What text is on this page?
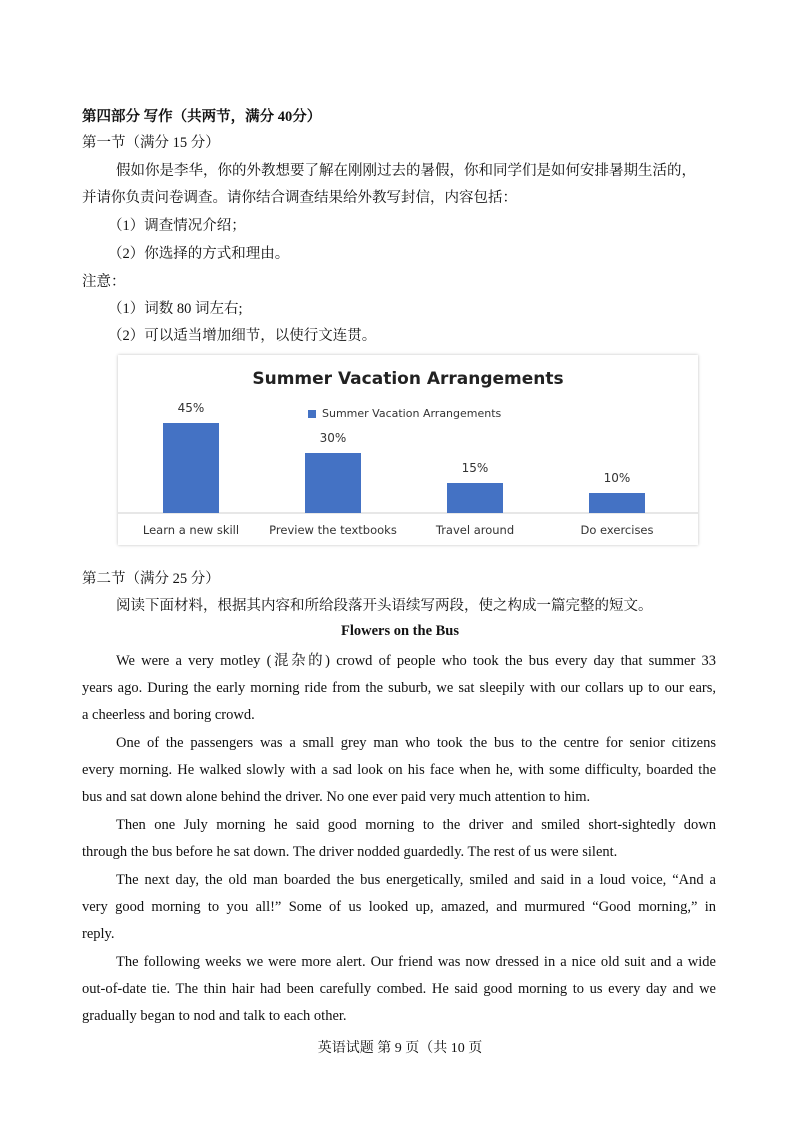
第四部分 写作（共两节，满分 40分）
第一节（满分 15 分）
假如你是李华，你的外教想要了解在刚刚过去的暑假，你和同学们是如何安排暑期生活的，
并请你负责问卷调查。请你结合调查结果给外教写封信，内容包括：
（1）调查情况介绍；
（2）你选择的方式和理由。
注意：
（1）词数 80 词左右;
（2）可以适当增加细节，以使行文连贯。
Summer Vacation Arrangements
Summer Vacation Arrangements
45%
Learn a new skill
30%
Preview the textbooks
15%
Travel around
10%
Do exercises
第二节（满分 25 分）
阅读下面材料，根据其内容和所给段落开头语续写两段，使之构成一篇完整的短文。
Flowers on the Bus
We were a very motley (混杂的) crowd of people who took the bus every day that summer 33
years ago. During the early morning ride from the suburb, we sat sleepily with our collars up to our ears,
a cheerless and boring crowd.
One of the passengers was a small grey man who took the bus to the centre for senior citizens
every morning. He walked slowly with a sad look on his face when he, with some difficulty, boarded the
bus and sat down alone behind the driver. No one ever paid very much attention to him.
Then one July morning he said good morning to the driver and smiled short-sightedly down
through the bus before he sat down. The driver nodded guardedly. The rest of us were silent.
The next day, the old man boarded the bus energetically, smiled and said in a loud voice, “And a
very good morning to you all!” Some of us looked up, amazed, and murmured “Good morning,” in
reply.
The following weeks we were more alert. Our friend was now dressed in a nice old suit and a wide
out-of-date tie. The thin hair had been carefully combed. He said good morning to us every day and we
gradually began to nod and talk to each other.
英语试题 第 9 页（共 10 页
